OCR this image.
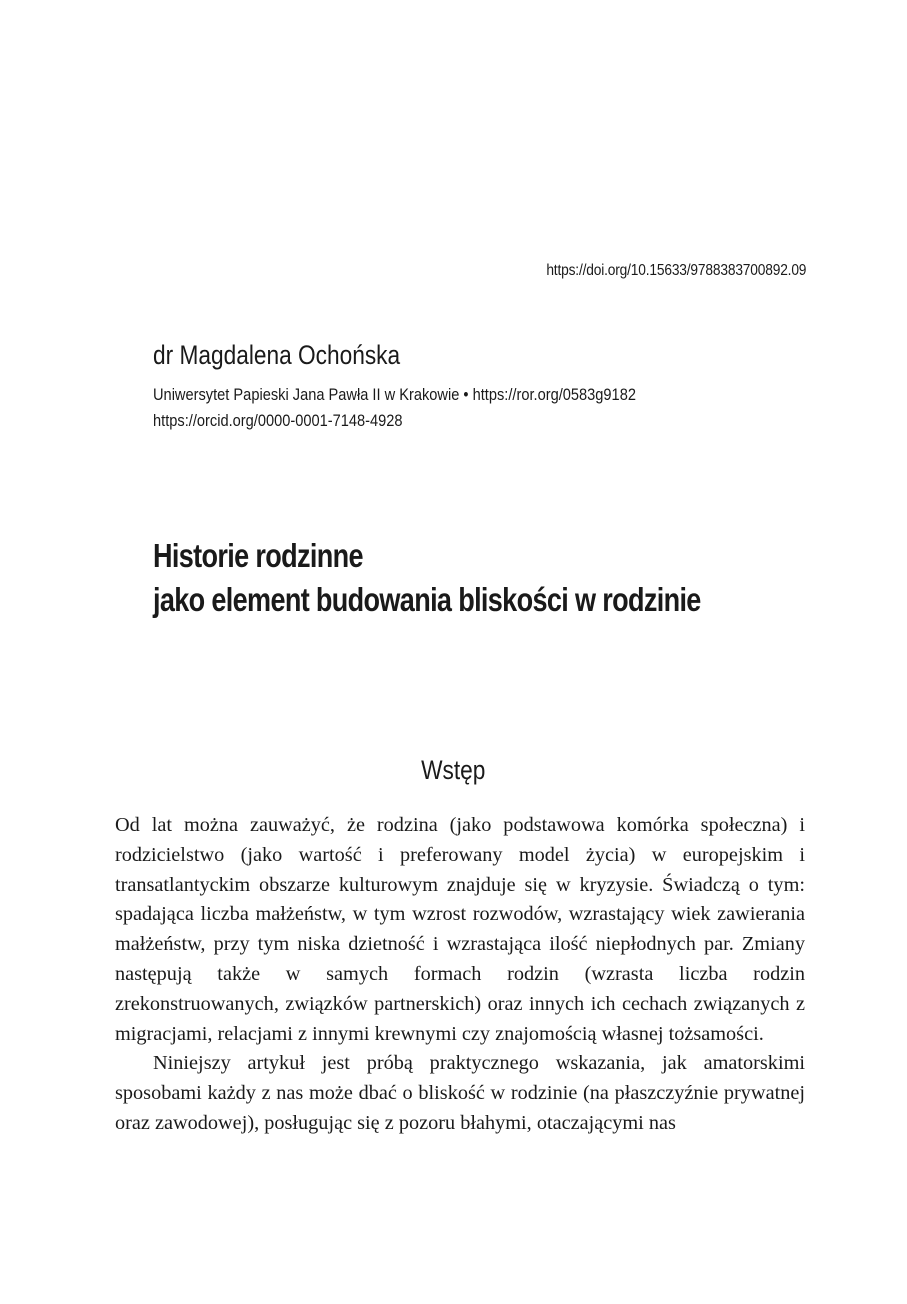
https://doi.org/10.15633/9788383700892.09
dr Magdalena Ochońska
Uniwersytet Papieski Jana Pawła II w Krakowie • https://ror.org/0583g9182
https://orcid.org/0000-0001-7148-4928
Historie rodzinne
jako element budowania bliskości w rodzinie
Wstęp

Od lat można zauważyć, że rodzina (jako podstawowa komórka społeczna) i rodzicielstwo (jako wartość i preferowany model życia) w europejskim i transatlantyckim obszarze kulturowym znajduje się w kryzysie. Świadczą o tym: spadająca liczba małżeństw, w tym wzrost rozwodów, wzrastający wiek zawierania małżeństw, przy tym niska dzietność i wzrastająca ilość niepłodnych par. Zmiany następują także w samych formach rodzin (wzrasta liczba rodzin zrekonstruowanych, związków partnerskich) oraz innych ich cechach związanych z migracjami, relacjami z innymi krewnymi czy znajomością własnej tożsamości.

Niniejszy artykuł jest próbą praktycznego wskazania, jak amatorskimi sposobami każdy z nas może dbać o bliskość w rodzinie (na płaszczyźnie prywatnej oraz zawodowej), posługując się z pozoru błahymi, otaczającymi nas
